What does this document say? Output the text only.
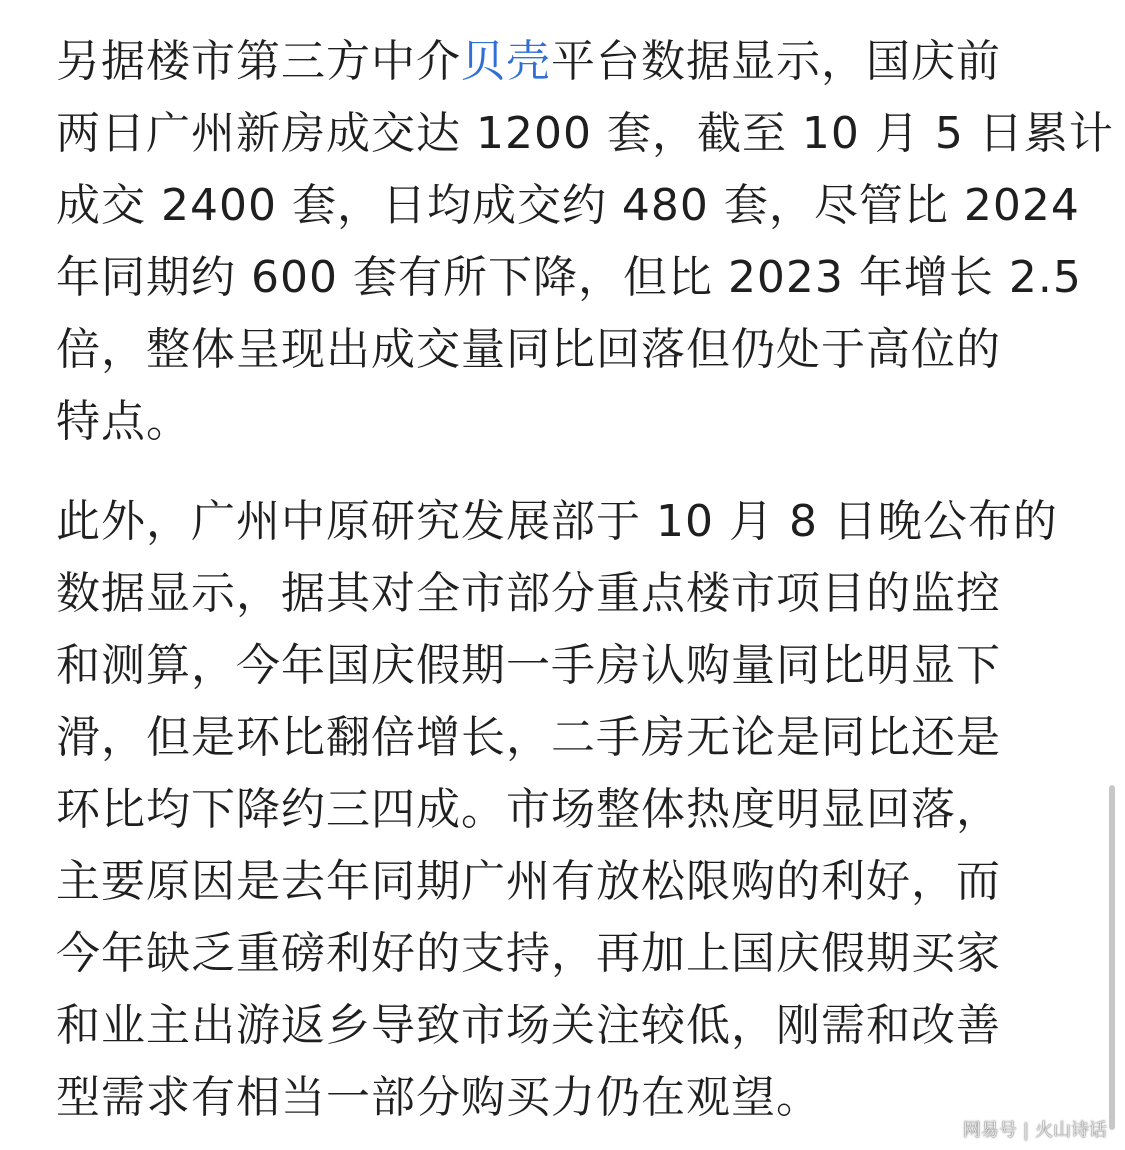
另据楼市第三方中介贝壳平台数据显示，国庆前
两日广州新房成交达 1200 套，截至 10 月 5 日累计
成交 2400 套，日均成交约 480 套，尽管比 2024
年同期约 600 套有所下降，但比 2023 年增长 2.5
倍，整体呈现出成交量同比回落但仍处于高位的
特点。

此外，广州中原研究发展部于 10 月 8 日晚公布的
数据显示，据其对全市部分重点楼市项目的监控
和测算，今年国庆假期一手房认购量同比明显下
滑，但是环比翻倍增长，二手房无论是同比还是
环比均下降约三四成。市场整体热度明显回落，
主要原因是去年同期广州有放松限购的利好，而
今年缺乏重磅利好的支持，再加上国庆假期买家
和业主出游返乡导致市场关注较低，刚需和改善
型需求有相当一部分购买力仍在观望。

网易号 | 火山诗话
